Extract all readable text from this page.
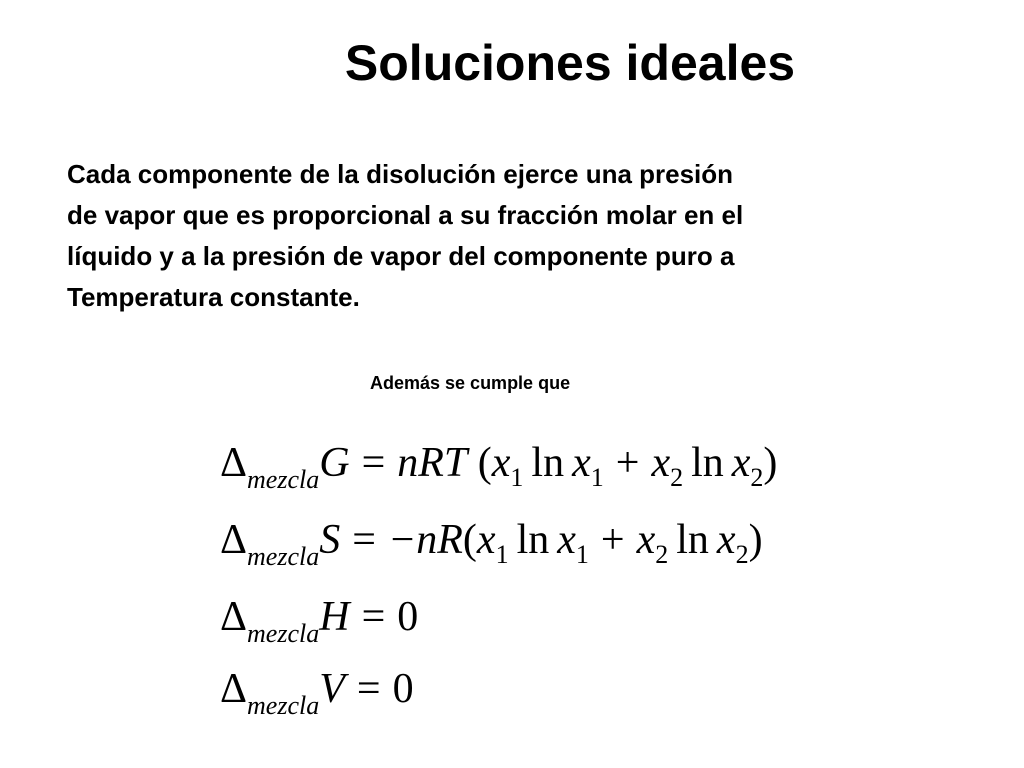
Soluciones ideales
Cada componente de la disolución ejerce una presión
de vapor que es proporcional a su fracción molar en el
líquido y a la presión de vapor del componente puro a
Temperatura constante.
Además se cumple que
$\Delta_{mezcla}G$ = nRT ($x_1$ $\ln x_1 + x_2$ $\ln x_2$)
$\Delta_{mezcla}S = -nR(x_1$ $\ln x_1 + x_2$ $\ln x_2$)
$\Delta_{mezcla}H = 0$
$\Delta_{mezcla}V = 0$
